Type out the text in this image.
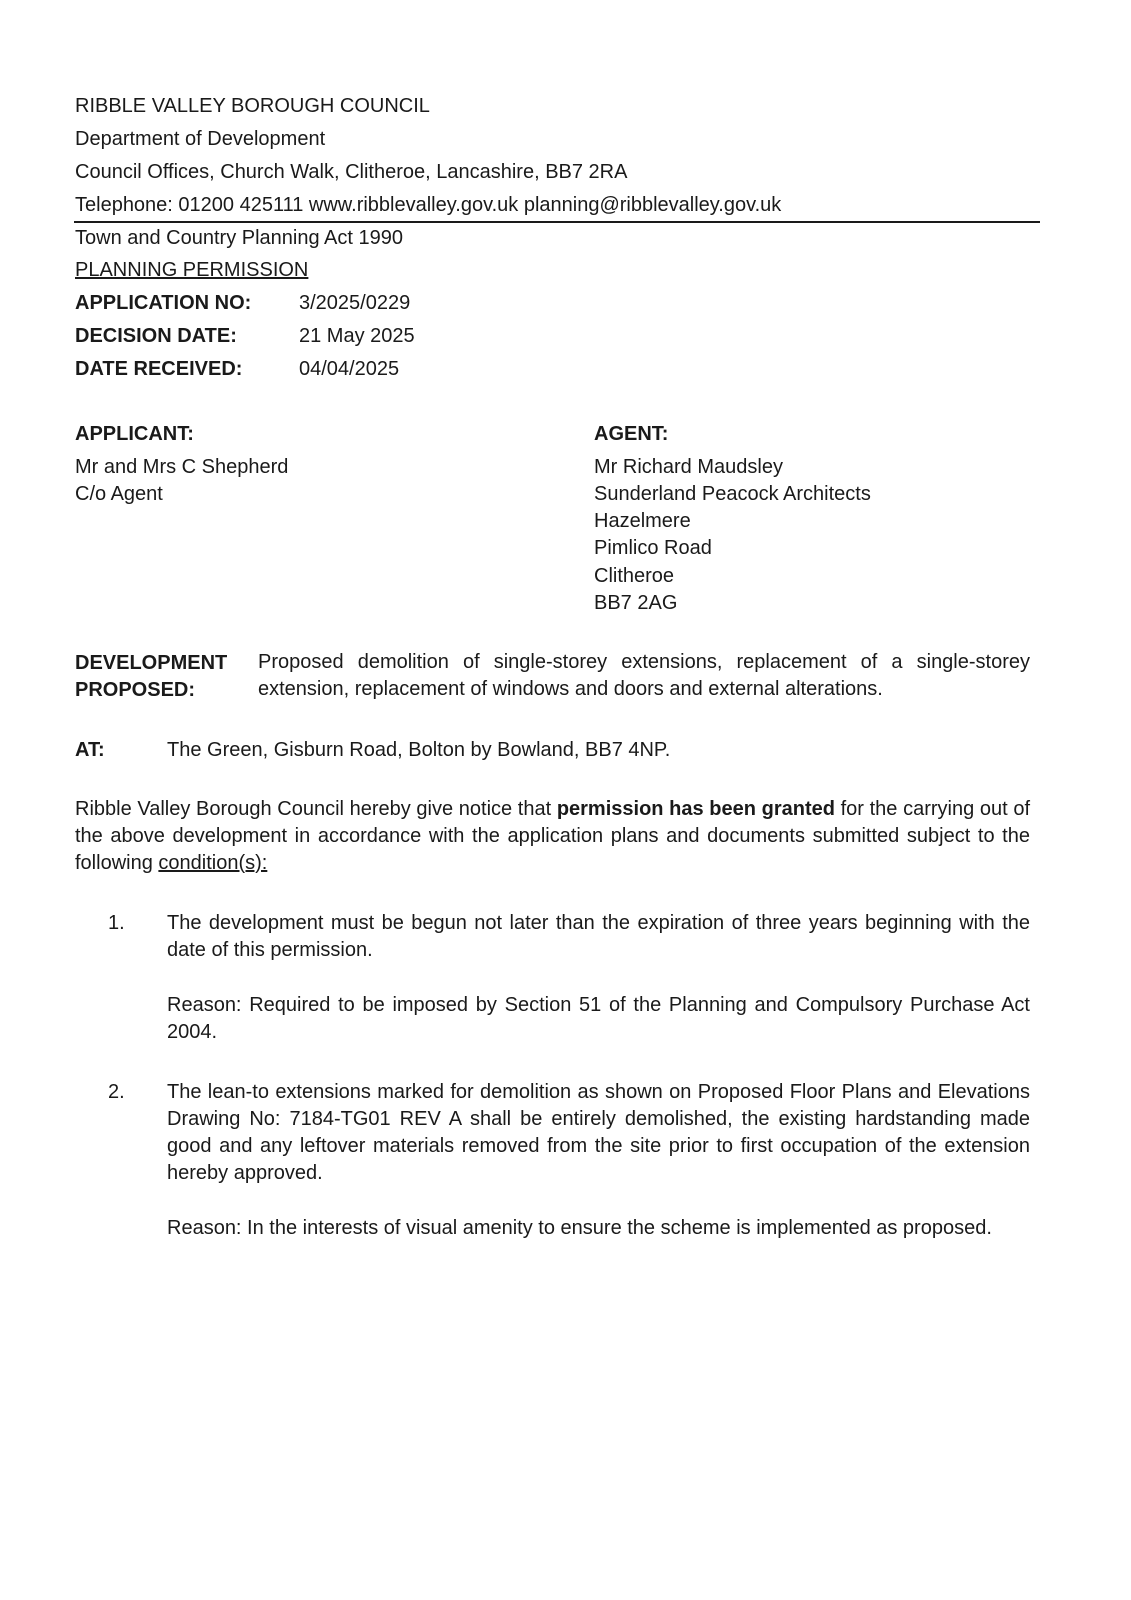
RIBBLE VALLEY BOROUGH COUNCIL
Department of Development
Council Offices, Church Walk, Clitheroe, Lancashire, BB7 2RA
Telephone: 01200 425111 www.ribblevalley.gov.uk planning@ribblevalley.gov.uk
Town and Country Planning Act 1990
PLANNING PERMISSION
APPLICATION NO: 3/2025/0229
DECISION DATE:	21 May 2025
DATE RECEIVED:	04/04/2025
APPLICANT:
Mr and Mrs C Shepherd
C/o Agent
AGENT:
Mr Richard Maudsley
Sunderland Peacock Architects
Hazelmere
Pimlico Road
Clitheroe
BB7 2AG
DEVELOPMENT
PROPOSED:
Proposed demolition of single-storey extensions, replacement of a single-storey extension, replacement of windows and doors and external alterations.
AT:	The Green, Gisburn Road, Bolton by Bowland, BB7 4NP.
Ribble Valley Borough Council hereby give notice that permission has been granted for the carrying out of the above development in accordance with the application plans and documents submitted subject to the following condition(s):
1. The development must be begun not later than the expiration of three years beginning with the date of this permission.
Reason: Required to be imposed by Section 51 of the Planning and Compulsory Purchase Act 2004.
2. The lean-to extensions marked for demolition as shown on Proposed Floor Plans and Elevations Drawing No: 7184-TG01 REV A shall be entirely demolished, the existing hardstanding made good and any leftover materials removed from the site prior to first occupation of the extension hereby approved.
Reason: In the interests of visual amenity to ensure the scheme is implemented as proposed.
